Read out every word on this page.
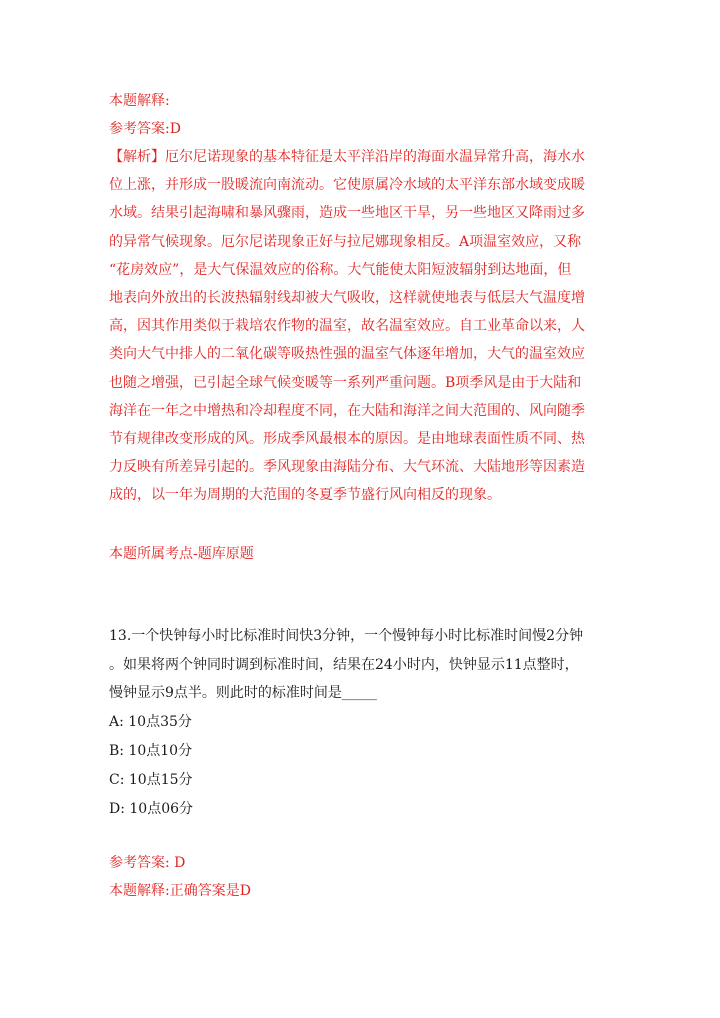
本题解释:
参考答案:D
【解析】厄尔尼诺现象的基本特征是太平洋沿岸的海面水温异常升高，海水水
位上涨，并形成一股暖流向南流动。它使原属冷水域的太平洋东部水域变成暖
水域。结果引起海啸和暴风骤雨，造成一些地区干旱，另一些地区又降雨过多
的异常气候现象。厄尔尼诺现象正好与拉尼娜现象相反。A项温室效应，又称
“花房效应”，是大气保温效应的俗称。大气能使太阳短波辐射到达地面，但
地表向外放出的长波热辐射线却被大气吸收，这样就使地表与低层大气温度增
高，因其作用类似于栽培农作物的温室，故名温室效应。自工业革命以来，人
类向大气中排人的二氧化碳等吸热性强的温室气体逐年增加，大气的温室效应
也随之增强，已引起全球气候变暖等一系列严重问题。B项季风是由于大陆和
海洋在一年之中增热和冷却程度不同，在大陆和海洋之间大范围的、风向随季
节有规律改变形成的风。形成季风最根本的原因。是由地球表面性质不同、热
力反映有所差异引起的。季风现象由海陆分布、大气环流、大陆地形等因素造
成的，以一年为周期的大范围的冬夏季节盛行风向相反的现象。
本题所属考点-题库原题
13.一个快钟每小时比标准时间快3分钟，一个慢钟每小时比标准时间慢2分钟
。如果将两个钟同时调到标准时间，结果在24小时内，快钟显示11点整时，
慢钟显示9点半。则此时的标准时间是_____
A: 10点35分
B: 10点10分
C: 10点15分
D: 10点06分
参考答案: D
本题解释:正确答案是D
